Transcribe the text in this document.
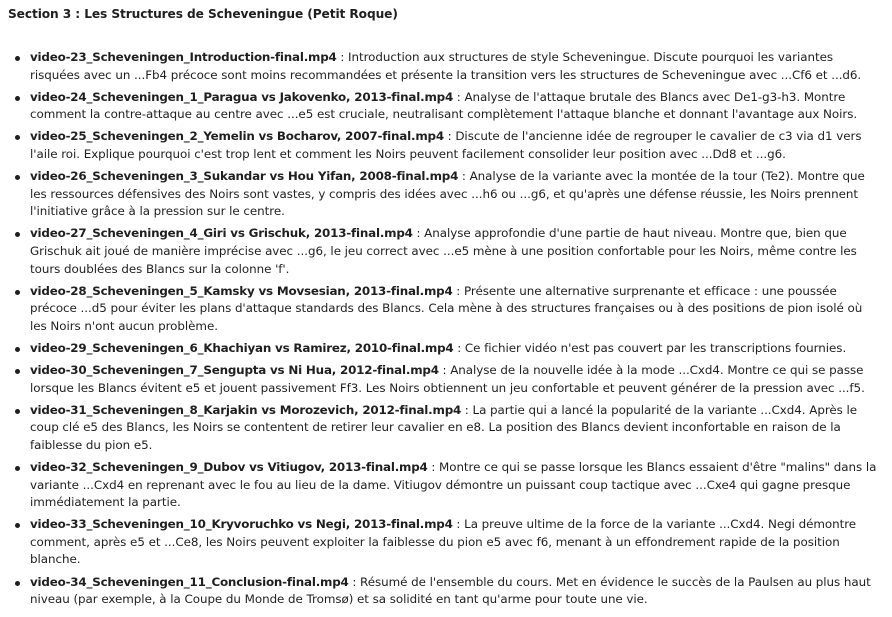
Section 3 : Les Structures de Scheveningue (Petit Roque)
video-23_Scheveningen_Introduction-final.mp4 : Introduction aux structures de style Scheveningue. Discute pourquoi les variantes risquées avec un ...Fb4 précoce sont moins recommandées et présente la transition vers les structures de Scheveningue avec ...Cf6 et ...d6.
video-24_Scheveningen_1_Paragua vs Jakovenko, 2013-final.mp4 : Analyse de l'attaque brutale des Blancs avec De1-g3-h3. Montre comment la contre-attaque au centre avec ...e5 est cruciale, neutralisant complètement l'attaque blanche et donnant l'avantage aux Noirs.
video-25_Scheveningen_2_Yemelin vs Bocharov, 2007-final.mp4 : Discute de l'ancienne idée de regrouper le cavalier de c3 via d1 vers l'aile roi. Explique pourquoi c'est trop lent et comment les Noirs peuvent facilement consolider leur position avec ...Dd8 et ...g6.
video-26_Scheveningen_3_Sukandar vs Hou Yifan, 2008-final.mp4 : Analyse de la variante avec la montée de la tour (Te2). Montre que les ressources défensives des Noirs sont vastes, y compris des idées avec ...h6 ou ...g6, et qu'après une défense réussie, les Noirs prennent l'initiative grâce à la pression sur le centre.
video-27_Scheveningen_4_Giri vs Grischuk, 2013-final.mp4 : Analyse approfondie d'une partie de haut niveau. Montre que, bien que Grischuk ait joué de manière imprécise avec ...g6, le jeu correct avec ...e5 mène à une position confortable pour les Noirs, même contre les tours doublées des Blancs sur la colonne 'f'.
video-28_Scheveningen_5_Kamsky vs Movsesian, 2013-final.mp4 : Présente une alternative surprenante et efficace : une poussée précoce ...d5 pour éviter les plans d'attaque standards des Blancs. Cela mène à des structures françaises ou à des positions de pion isolé où les Noirs n'ont aucun problème.
video-29_Scheveningen_6_Khachiyan vs Ramirez, 2010-final.mp4 : Ce fichier vidéo n'est pas couvert par les transcriptions fournies.
video-30_Scheveningen_7_Sengupta vs Ni Hua, 2012-final.mp4 : Analyse de la nouvelle idée à la mode ...Cxd4. Montre ce qui se passe lorsque les Blancs évitent e5 et jouent passivement Ff3. Les Noirs obtiennent un jeu confortable et peuvent générer de la pression avec ...f5.
video-31_Scheveningen_8_Karjakin vs Morozevich, 2012-final.mp4 : La partie qui a lancé la popularité de la variante ...Cxd4. Après le coup clé e5 des Blancs, les Noirs se contentent de retirer leur cavalier en e8. La position des Blancs devient inconfortable en raison de la faiblesse du pion e5.
video-32_Scheveningen_9_Dubov vs Vitiugov, 2013-final.mp4 : Montre ce qui se passe lorsque les Blancs essaient d'être "malins" dans la variante ...Cxd4 en reprenant avec le fou au lieu de la dame. Vitiugov démontre un puissant coup tactique avec ...Cxe4 qui gagne presque immédiatement la partie.
video-33_Scheveningen_10_Kryvoruchko vs Negi, 2013-final.mp4 : La preuve ultime de la force de la variante ...Cxd4. Negi démontre comment, après e5 et ...Ce8, les Noirs peuvent exploiter la faiblesse du pion e5 avec f6, menant à un effondrement rapide de la position blanche.
video-34_Scheveningen_11_Conclusion-final.mp4 : Résumé de l'ensemble du cours. Met en évidence le succès de la Paulsen au plus haut niveau (par exemple, à la Coupe du Monde de Tromsø) et sa solidité en tant qu'arme pour toute une vie.
